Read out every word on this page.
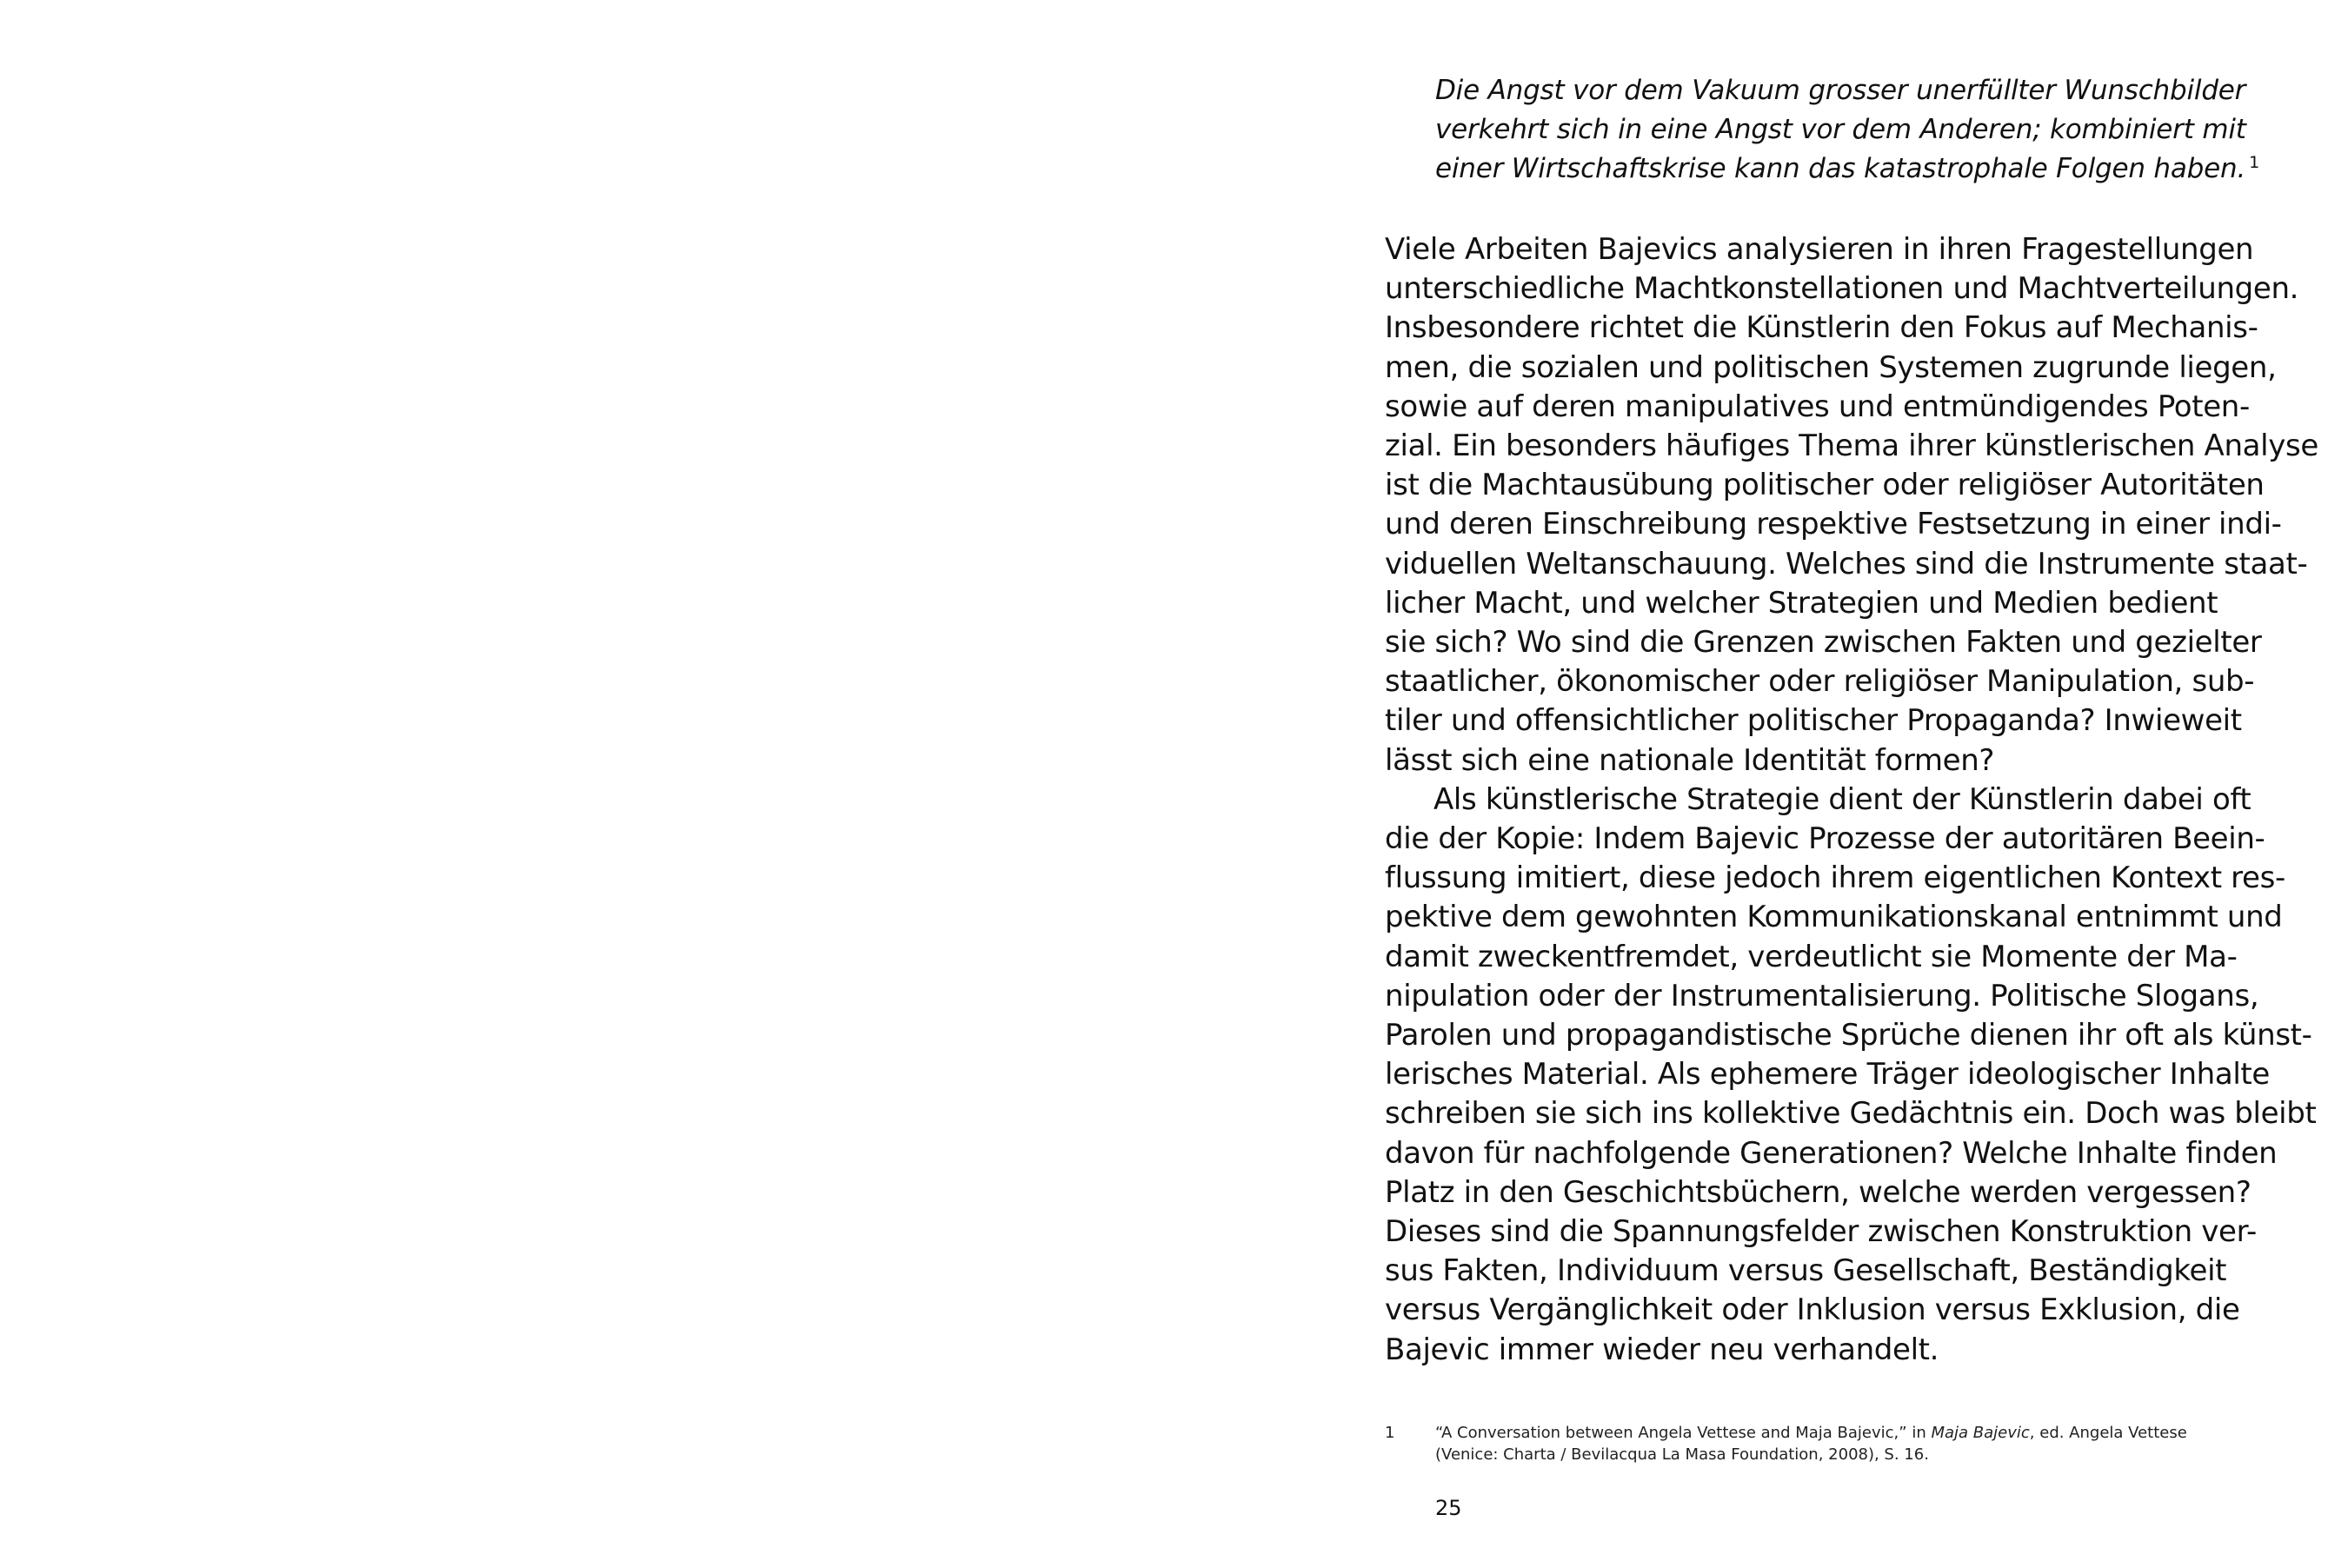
Die Angst vor dem Vakuum grosser unerfüllter Wunschbilder
verkehrt sich in eine Angst vor dem Anderen; kombiniert mit
einer Wirtschaftskrise kann das katastrophale Folgen haben. $^1$
Viele Arbeiten Bajevics analysieren in ihren Fragestellungen
unterschiedliche Machtkonstellationen und Machtverteilungen.
Insbesondere richtet die Künstlerin den Fokus auf Mechanis-
men, die sozialen und politischen Systemen zugrunde liegen,
sowie auf deren manipulatives und entmündigendes Poten-
zial. Ein besonders häufiges Thema ihrer künstlerischen Analyse
ist die Machtausübung politischer oder religiöser Autoritäten
und deren Einschreibung respektive Festsetzung in einer indi-
viduellen Weltanschauung. Welches sind die Instrumente staat-
licher Macht, und welcher Strategien und Medien bedient
sie sich? Wo sind die Grenzen zwischen Fakten und gezielter
staatlicher, ökonomischer oder religiöser Manipulation, sub-
tiler und offensichtlicher politischer Propaganda? Inwieweit
lässt sich eine nationale Identität formen?
Als künstlerische Strategie dient der Künstlerin dabei oft
die der Kopie: Indem Bajevic Prozesse der autoritären Beein-
flussung imitiert, diese jedoch ihrem eigentlichen Kontext res-
pektive dem gewohnten Kommunikationskanal entnimmt und
damit zweckentfremdet, verdeutlicht sie Momente der Ma-
nipulation oder der Instrumentalisierung. Politische Slogans,
Parolen und propagandistische Sprüche dienen ihr oft als künst-
lerisches Material. Als ephemere Träger ideologischer Inhalte
schreiben sie sich ins kollektive Gedächtnis ein. Doch was bleibt
davon für nachfolgende Generationen? Welche Inhalte finden
Platz in den Geschichtsbüchern, welche werden vergessen?
Dieses sind die Spannungsfelder zwischen Konstruktion ver-
sus Fakten, Individuum versus Gesellschaft, Beständigkeit
versus Vergänglichkeit oder Inklusion versus Exklusion, die
Bajevic immer wieder neu verhandelt.
1	“A Conversation between Angela Vettese and Maja Bajevic,” in Maja Bajevic, ed. Angela Vettese
(Venice: Charta / Bevilacqua La Masa Foundation, 2008), S. 16.
25
